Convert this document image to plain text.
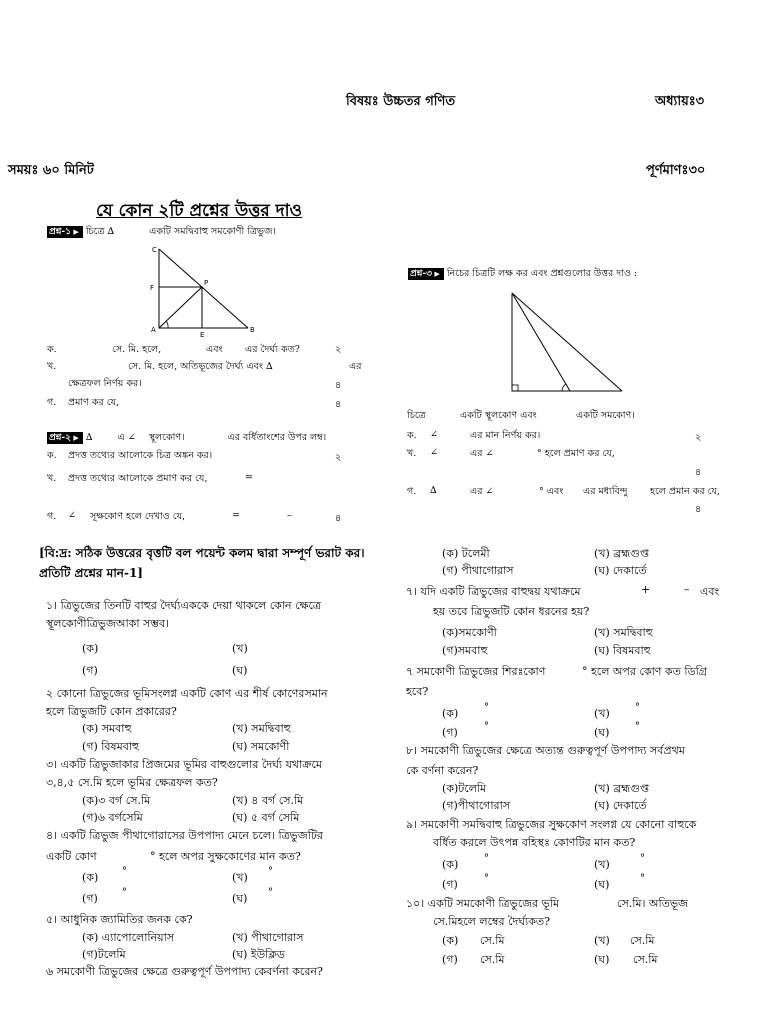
বিষয়ঃ উচ্চতর গণিত	অধ্যায়ঃ৩
সময়ঃ ৬০ মিনিট	পূর্ণমাণঃ৩০
যে কোন ২টি প্রশ্নের উত্তর দাও
প্রশ্ন-১ ▶ চিত্রে ∆	একটি সমদ্বিবাহু সমকোণী ত্রিভুজ।
C
F
P
A
E
B
ক.	সে. মি. হলে,	এবং এর দৈর্ঘ্য কত?	২
খ.	সে. মি. হলে, অতিভূজের দৈর্ঘ্য এবং ∆	এর
ক্ষেত্রফল নির্ণয় কর।	৪
গ. প্রমাণ কর যে,	৪
প্রশ্ন-২ ▶ ∆	এ ∠ স্থূলকোণ।	এর বর্ধিতাংশের উপর লম্ব।
ক. প্রদত্ত তথ্যের আলোকে চিত্র অঙ্কন কর।	২
খ. প্রদত্ত তথ্যের আলোকে প্রমাণ কর যে,	=
গ. ∠ সূক্ষকোণ হলে দেখাও যে,	=	–	৪
প্রশ্ন-৩ ▶ নিচের চিত্রটি লক্ষ কর এবং প্রশ্নগুলোর উত্তর দাও :
চিত্রে	একটি স্থূলকোণ এবং	একটি সমকোণ।
ক. ∠	এর মান নির্ণয় কর।	২
খ. ∠	এর ∠	° হলে প্রমাণ কর যে,
৪
গ. ∆	এর ∠	° এবং এর মধ্যবিন্দু হলে প্রমান কর যে,
৪
[বি:দ্র: সঠিক উত্তরের বৃত্তটি বল পয়েন্ট কলম দ্বারা সম্পূর্ণ ভরাট কর। প্রতিটি প্রশ্নের মান-1]
১। ত্রিভুজের তিনটি বাহুর দৈর্ঘ্যএককে দেয়া থাকলে কোন ক্ষেত্রে
স্থূলকোণীত্রিভুজআকা সম্ভব।
(ক)	(খ)
(গ)	(ঘ)
২ কোনো ত্রিভুজের ভূমিসংলগ্ন একটি কোণ এর শীর্ষ কোণেরসমান
হলে ত্রিভুজটি কোন প্রকারের?
(ক) সমবাহু	(খ) সমদ্বিবাহু
(গ) বিষমবাহু	(ঘ) সমকোণী
৩। একটি ত্রিভুজাকার প্রিজমের ভূমির বাহুগুলোর দৈর্ঘ্য যথাক্রমে
৩,৪,৫ সে.মি হলে ভূমির ক্ষেত্রফল কত?
(ক)৩ বর্গ সে.মি	(খ) ৪ বর্গ সে.মি
(গ)৬ বর্গসেমি	(ঘ) ৫ বর্গ সেমি
৪। একটি ত্রিভুজ পীথাগোরাসের উপপাদ্য মেনে চলে। ত্রিভুজটির
একটি কোণ	° হলে অপর সুক্ষকোণের মান কত?
(ক) °	(খ) °
(গ) °	(ঘ) °
৫। আধুনিক জ্যামিতির জনক কে?
(ক) এ্যাপোলোনিয়াস	(খ) পীথাগোরাস
(গ)টলেমি	(ঘ) ইউক্লিড
৬ সমকোণী ত্রিভুজের ক্ষেত্রে গুরুত্বপূর্ণ উপপাদ্য কেবর্ণনা করেন?
(ক) টলেমী	(খ) ব্রহ্মগুপ্ত
(গ) পীথাগোরাস	(ঘ) দেকার্তে
৭। যদি একটি ত্রিভুজের বাহুদ্বয় যথাক্রমে	+	– এবং
হয় তবে ত্রিভুজটি কোন ধরনের হয়?
(ক)সমকোণী	(খ) সমদ্বিবাহু
(গ)সমবাহু	(ঘ) বিষমবাহু
৭ সমকোণী ত্রিভুজের শিরঃকোণ	° হলে অপর কোণ কত ডিগ্রি
হবে?
(ক)	°	(খ)	°
(গ)	°	(ঘ)	°
৮। সমকোণী ত্রিভুজের ক্ষেত্রে অত্যন্ত গুরুত্বপূর্ণ উপপাদ্য সর্বপ্রথম
কে বর্ণনা করেন?
(ক)টলেমি	(খ) ব্রহ্মগুপ্ত
(গ)পীথাগোরাস	(ঘ) দেকার্তে
৯। সমকোণী সমদ্বিবাহু ত্রিভুজের সুক্ষকোণ সংলগ্ন যে কোনো বাহুকে
বর্ধিত করলে উৎপন্ন বহিস্থঃ কোণটির মান কত?
(ক)	°	(খ)	°
(গ)	°	(ঘ)	°
১০। একটি সমকোণী ত্রিভুজের ভূমি	সে.মি। অতিভূজ
সে.মিহলে লম্বের দৈর্ঘ্যকত?
(ক) সে.মি	(খ) সে.মি
(গ) সে.মি	(ঘ) সে.মি
